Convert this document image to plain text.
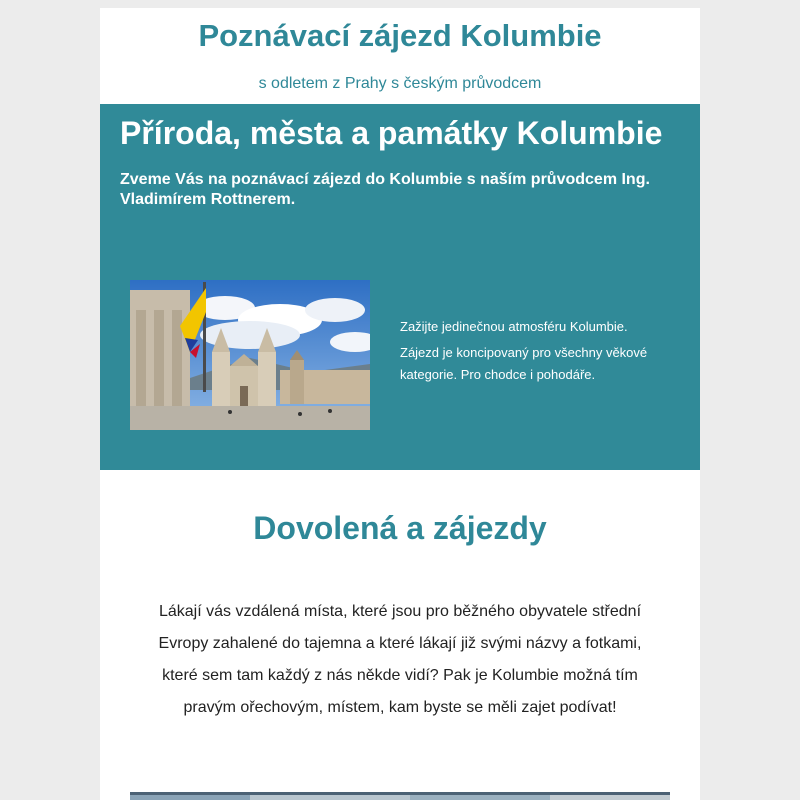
Poznávací zájezd Kolumbie

s odletem z Prahy s českým průvodcem

Příroda, města a památky Kolumbie

Zveme Vás na poznávací zájezd do Kolumbie s naším průvodcem Ing. Vladimírem Rottnerem.

Zažijte jedinečnou atmosféru Kolumbie.

Zájezd je koncipovaný pro všechny věkové kategorie. Pro chodce i pohodáře.

Dovolená a zájezdy

Lákají vás vzdálená místa, které jsou pro běžného obyvatele střední Evropy zahalené do tajemna a které lákají již svými názvy a fotkami, které sem tam každý z nás někde vidí? Pak je Kolumbie možná tím pravým ořechovým, místem, kam byste se měli zajet podívat!
